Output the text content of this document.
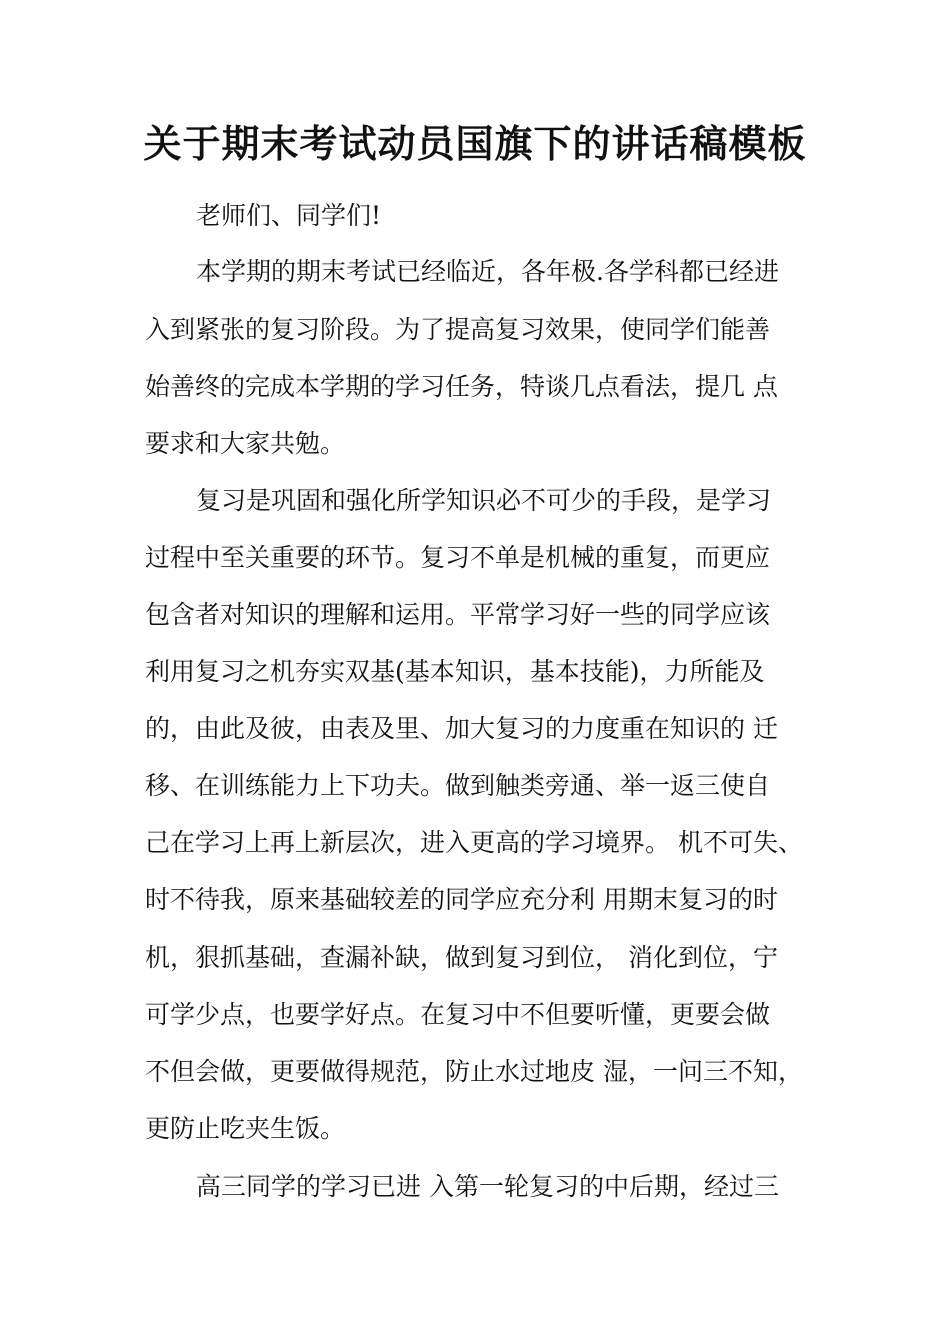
关于期末考试动员国旗下的讲话稿模板

老师们、同学们!

本学期的期末考试已经临近，各年极.各学科都已经进

入到紧张的复习阶段。为了提高复习效果，使同学们能善

始善终的完成本学期的学习任务，特谈几点看法，提几 点

要求和大家共勉。

复习是巩固和强化所学知识必不可少的手段，是学习

过程中至关重要的环节。复习不单是机械的重复，而更应

包含者对知识的理解和运用。平常学习好一些的同学应该

利用复习之机夯实双基(基本知识，基本技能)，力所能及

的，由此及彼，由表及里、加大复习的力度重在知识的 迁

移、在训练能力上下功夫。做到触类旁通、举一返三使自

己在学习上再上新层次，进入更高的学习境界。 机不可失、

时不待我，原来基础较差的同学应充分利 用期末复习的时

机，狠抓基础，查漏补缺，做到复习到位， 消化到位，宁

可学少点，也要学好点。在复习中不但要听懂，更要会做

不但会做，更要做得规范，防止水过地皮 湿，一问三不知，

更防止吃夹生饭。

高三同学的学习已进 入第一轮复习的中后期，经过三
